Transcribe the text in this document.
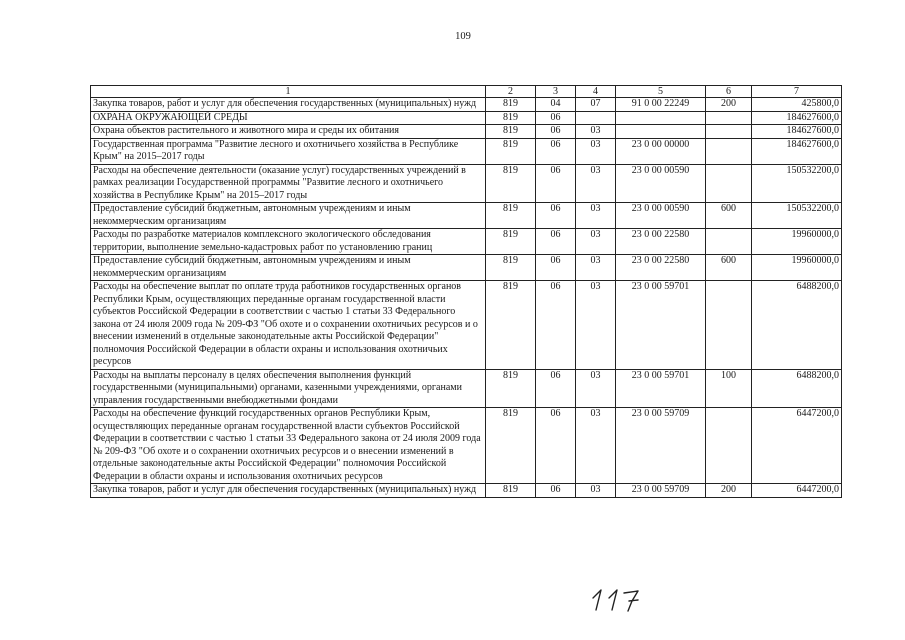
109
1	2	3	4	5	6	7
Закупка товаров, работ и услуг для обеспечения государственных (муниципальных) нужд	819	04	07	91 0 00 22249	200	425800,0
ОХРАНА ОКРУЖАЮЩЕЙ СРЕДЫ	819	06				184627600,0
Охрана объектов растительного и животного мира и среды их обитания	819	06	03			184627600,0
Государственная программа "Развитие лесного и охотничьего хозяйства в Республике Крым" на 2015–2017 годы	819	06	03	23 0 00 00000		184627600,0
Расходы на обеспечение деятельности (оказание услуг) государственных учреждений в рамках реализации Государственной программы "Развитие лесного и охотничьего хозяйства в Республике Крым" на 2015–2017 годы	819	06	03	23 0 00 00590		150532200,0
Предоставление субсидий бюджетным, автономным учреждениям и иным некоммерческим организациям	819	06	03	23 0 00 00590	600	150532200,0
Расходы по разработке материалов комплексного экологического обследования территории, выполнение земельно-кадастровых работ по установлению границ	819	06	03	23 0 00 22580		19960000,0
Предоставление субсидий бюджетным, автономным учреждениям и иным некоммерческим организациям	819	06	03	23 0 00 22580	600	19960000,0
Расходы на обеспечение выплат по оплате труда работников государственных органов Республики Крым, осуществляющих переданные органам государственной власти субъектов Российской Федерации в соответствии с частью 1 статьи 33 Федерального закона от 24 июля 2009 года № 209-ФЗ "Об охоте и о сохранении охотничьих ресурсов и о внесении изменений в отдельные законодательные акты Российской Федерации" полномочия Российской Федерации в области охраны и использования охотничьих ресурсов	819	06	03	23 0 00 59701		6488200,0
Расходы на выплаты персоналу в целях обеспечения выполнения функций государственными (муниципальными) органами, казенными учреждениями, органами управления государственными внебюджетными фондами	819	06	03	23 0 00 59701	100	6488200,0
Расходы на обеспечение функций государственных органов Республики Крым, осуществляющих переданные органам государственной власти субъектов Российской Федерации в соответствии с частью 1 статьи 33 Федерального закона от 24 июля 2009 года № 209-ФЗ "Об охоте и о сохранении охотничьих ресурсов и о внесении изменений в отдельные законодательные акты Российской Федерации" полномочия Российской Федерации в области охраны и использования охотничьих ресурсов	819	06	03	23 0 00 59709		6447200,0
Закупка товаров, работ и услуг для обеспечения государственных (муниципальных) нужд	819	06	03	23 0 00 59709	200	6447200,0
